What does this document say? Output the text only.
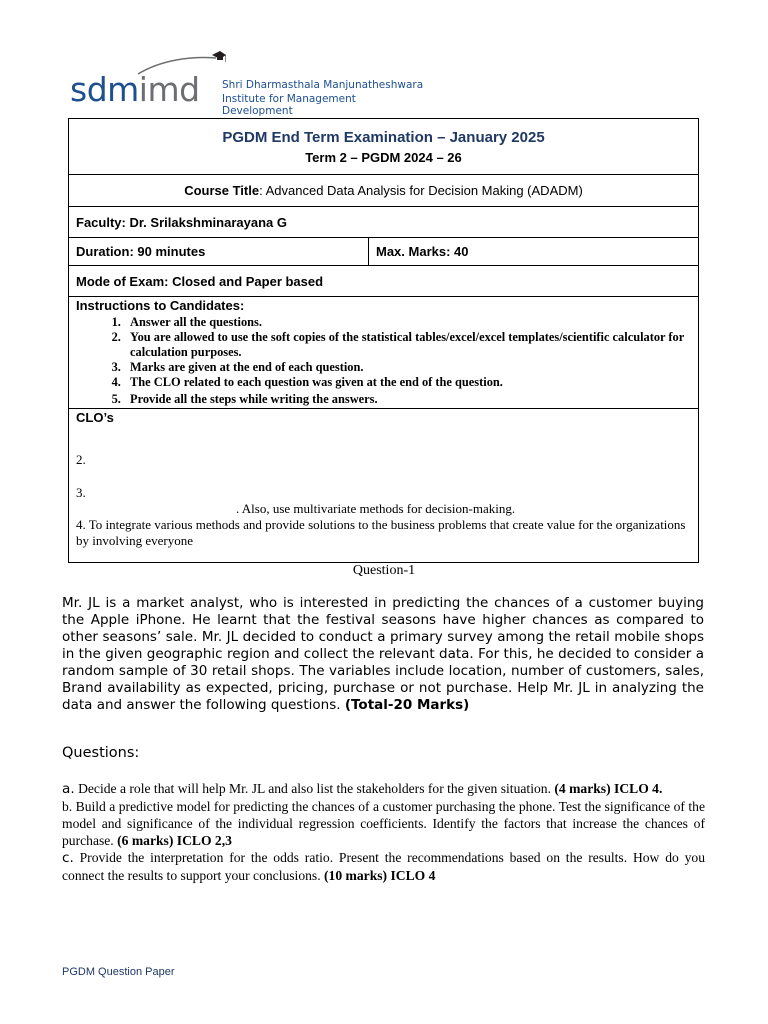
sdmimd Shri Dharmasthala Manjunatheshwara
Institute for Management Development
PGDM End Term Examination – January 2025
Term 2 – PGDM 2024 – 26

Course Title: Advanced Data Analysis for Decision Making (ADADM)
Faculty: Dr. Srilakshminarayana G
Duration: 90 minutes	Max. Marks: 40
Mode of Exam: Closed and Paper based

Instructions to Candidates:
1. Answer all the questions.
2. You are allowed to use the soft copies of the statistical tables/excel/excel templates/scientific calculator for calculation purposes.
3. Marks are given at the end of each question.
4. The CLO related to each question was given at the end of the question.
5. Provide all the steps while writing the answers.

CLO’s
2.
3.
. Also, use multivariate methods for decision-making.
4. To integrate various methods and provide solutions to the business problems that create value for the organizations by involving everyone
Question-1
Mr. JL is a market analyst, who is interested in predicting the chances of a customer buying the Apple iPhone. He learnt that the festival seasons have higher chances as compared to other seasons’ sale. Mr. JL decided to conduct a primary survey among the retail mobile shops in the given geographic region and collect the relevant data. For this, he decided to consider a random sample of 30 retail shops. The variables include location, number of customers, sales, Brand availability as expected, pricing, purchase or not purchase. Help Mr. JL in analyzing the data and answer the following questions. (Total-20 Marks)
Questions:

a. Decide a role that will help Mr. JL and also list the stakeholders for the given situation. (4 marks) ICLO 4.

b. Build a predictive model for predicting the chances of a customer purchasing the phone. Test the significance of the model and significance of the individual regression coefficients. Identify the factors that increase the chances of purchase. (6 marks) ICLO 2,3

c. Provide the interpretation for the odds ratio. Present the recommendations based on the results. How do you connect the results to support your conclusions. (10 marks) ICLO 4

PGDM Question Paper
